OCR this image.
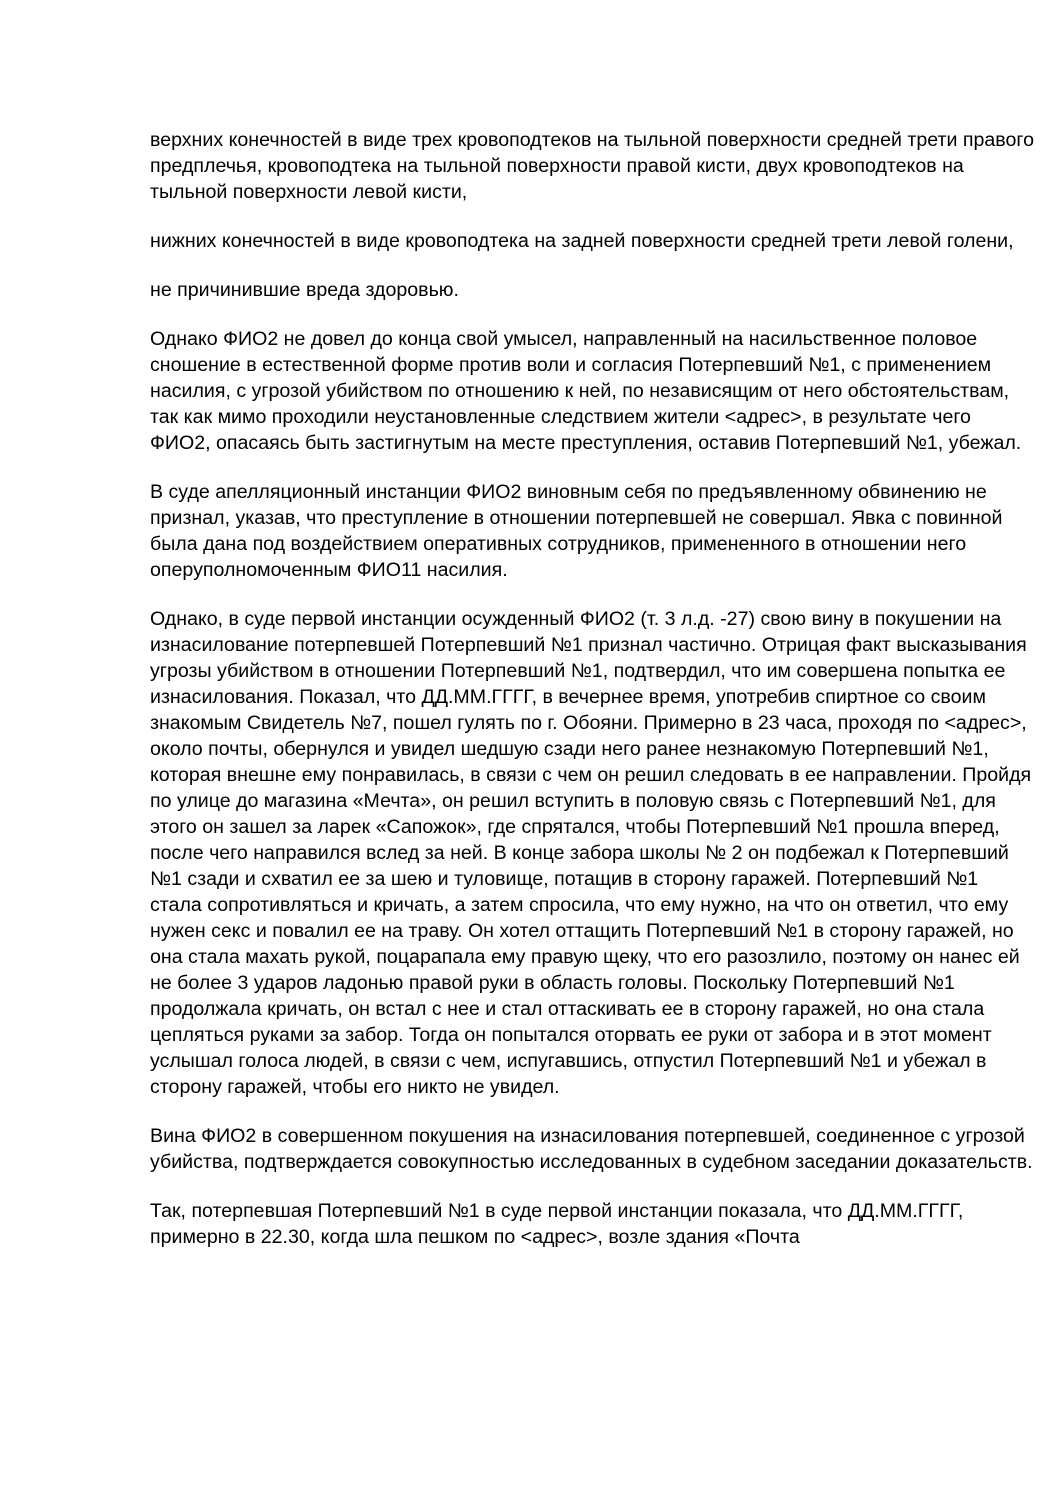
верхних конечностей в виде трех кровоподтеков на тыльной поверхности средней трети правого предплечья, кровоподтека на тыльной поверхности правой кисти, двух кровоподтеков на тыльной поверхности левой кисти,

нижних конечностей в виде кровоподтека на задней поверхности средней трети левой голени,

не причинившие вреда здоровью.

Однако ФИО2 не довел до конца свой умысел, направленный на насильственное половое сношение в естественной форме против воли и согласия Потерпевший №1, с применением насилия, с угрозой убийством по отношению к ней, по независящим от него обстоятельствам, так как мимо проходили неустановленные следствием жители <адрес>, в результате чего ФИО2, опасаясь быть застигнутым на месте преступления, оставив Потерпевший №1, убежал.

В суде апелляционный инстанции ФИО2 виновным себя по предъявленному обвинению не признал, указав, что преступление в отношении потерпевшей не совершал. Явка с повинной была дана под воздействием оперативных сотрудников, примененного в отношении него оперуполномоченным ФИО11 насилия.

Однако, в суде первой инстанции осужденный ФИО2 (т. 3 л.д. -27) свою вину в покушении на изнасилование потерпевшей Потерпевший №1 признал частично. Отрицая факт высказывания угрозы убийством в отношении Потерпевший №1, подтвердил, что им совершена попытка ее изнасилования. Показал, что ДД.ММ.ГГГГ, в вечернее время, употребив спиртное со своим знакомым Свидетель №7, пошел гулять по г. Обояни. Примерно в 23 часа, проходя по <адрес>, около почты, обернулся и увидел шедшую сзади него ранее незнакомую Потерпевший №1, которая внешне ему понравилась, в связи с чем он решил следовать в ее направлении. Пройдя по улице до магазина «Мечта», он решил вступить в половую связь с Потерпевший №1, для этого он зашел за ларек «Сапожок», где спрятался, чтобы Потерпевший №1 прошла вперед, после чего направился вслед за ней. В конце забора школы № 2 он подбежал к Потерпевший №1 сзади и схватил ее за шею и туловище, потащив в сторону гаражей. Потерпевший №1 стала сопротивляться и кричать, а затем спросила, что ему нужно, на что он ответил, что ему нужен секс и повалил ее на траву. Он хотел оттащить Потерпевший №1 в сторону гаражей, но она стала махать рукой, поцарапала ему правую щеку, что его разозлило, поэтому он нанес ей не более 3 ударов ладонью правой руки в область головы. Поскольку Потерпевший №1 продолжала кричать, он встал с нее и стал оттаскивать ее в сторону гаражей, но она стала цепляться руками за забор. Тогда он попытался оторвать ее руки от забора и в этот момент услышал голоса людей, в связи с чем, испугавшись, отпустил Потерпевший №1 и убежал в сторону гаражей, чтобы его никто не увидел.

Вина ФИО2 в совершенном покушения на изнасилования потерпевшей, соединенное с угрозой убийства, подтверждается совокупностью исследованных в судебном заседании доказательств.

Так, потерпевшая Потерпевший №1 в суде первой инстанции показала, что ДД.ММ.ГГГГ, примерно в 22.30, когда шла пешком по <адрес>, возле здания «Почта
